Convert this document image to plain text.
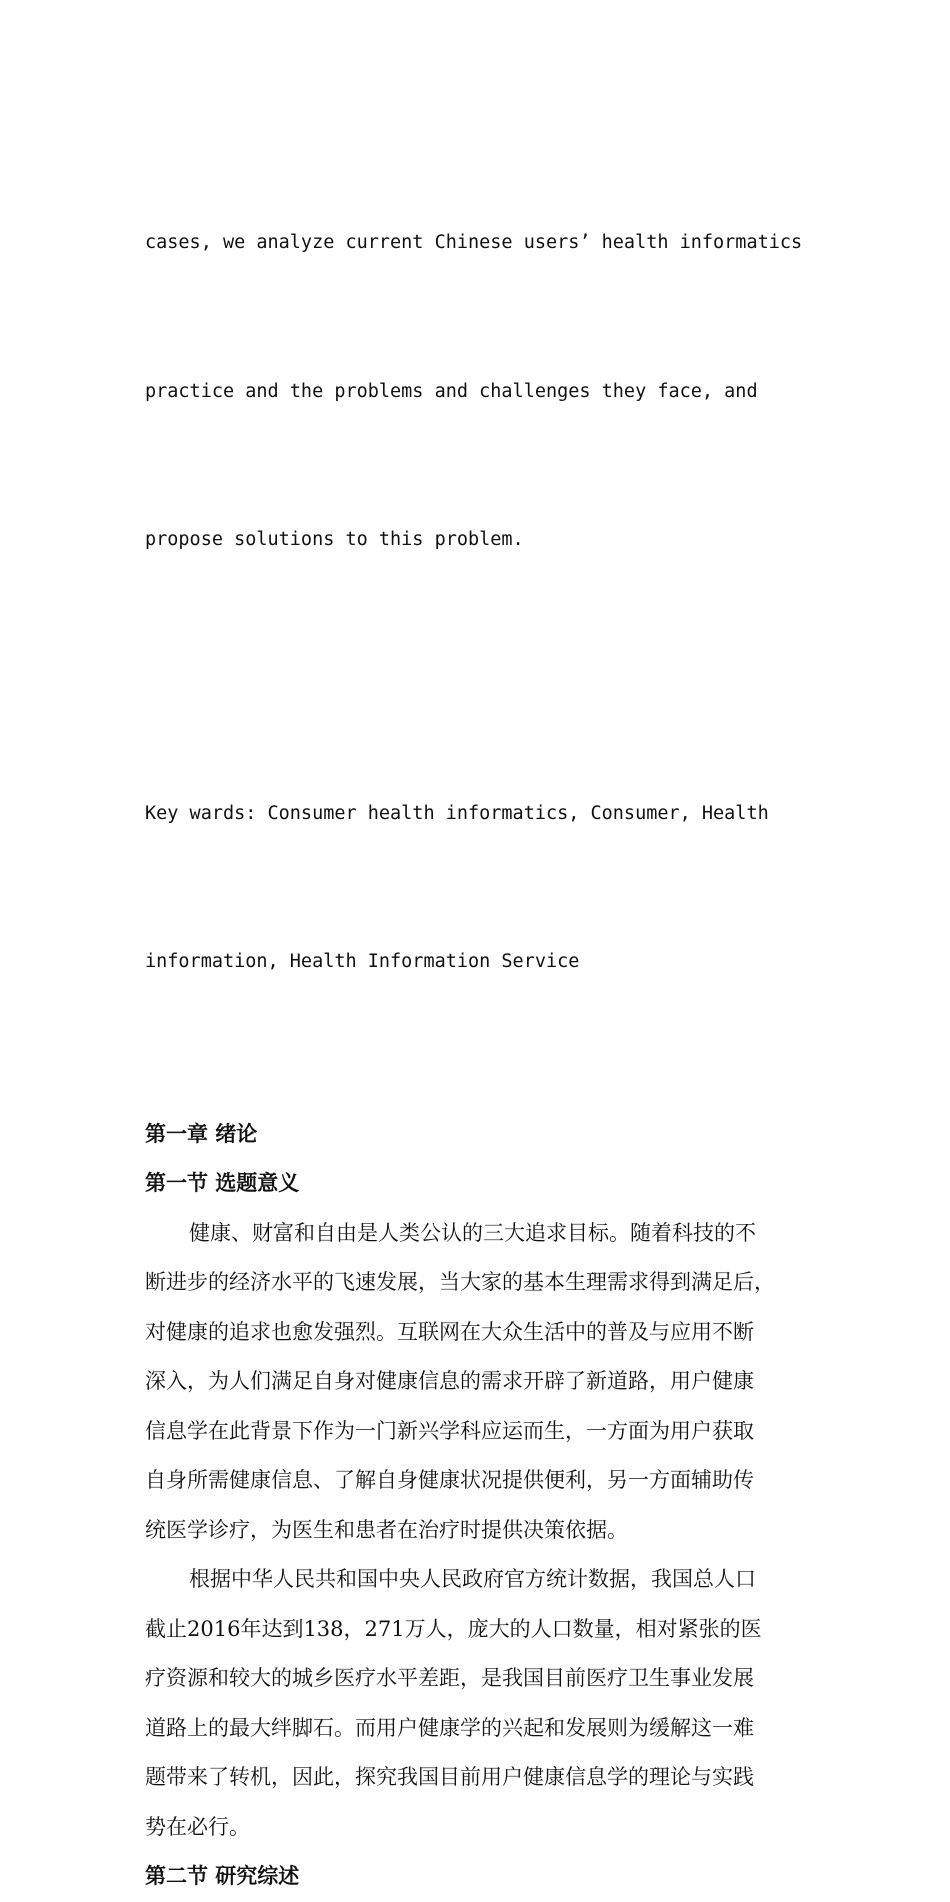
cases, we analyze current Chinese users’ health informatics

practice and the problems and challenges they face, and

propose solutions to this problem.

Key wards: Consumer health informatics, Consumer, Health

information, Health Information Service

第一章 绪论
第一节 选题意义
健康、财富和自由是人类公认的三大追求目标。随着科技的不
断进步的经济水平的飞速发展，当大家的基本生理需求得到满足后，
对健康的追求也愈发强烈。互联网在大众生活中的普及与应用不断
深入，为人们满足自身对健康信息的需求开辟了新道路，用户健康
信息学在此背景下作为一门新兴学科应运而生，一方面为用户获取
自身所需健康信息、了解自身健康状况提供便利，另一方面辅助传
统医学诊疗，为医生和患者在治疗时提供决策依据。
根据中华人民共和国中央人民政府官方统计数据，我国总人口
截止2016年达到138，271万人，庞大的人口数量，相对紧张的医
疗资源和较大的城乡医疗水平差距，是我国目前医疗卫生事业发展
道路上的最大绊脚石。而用户健康学的兴起和发展则为缓解这一难
题带来了转机，因此，探究我国目前用户健康信息学的理论与实践
势在必行。
第二节 研究综述
